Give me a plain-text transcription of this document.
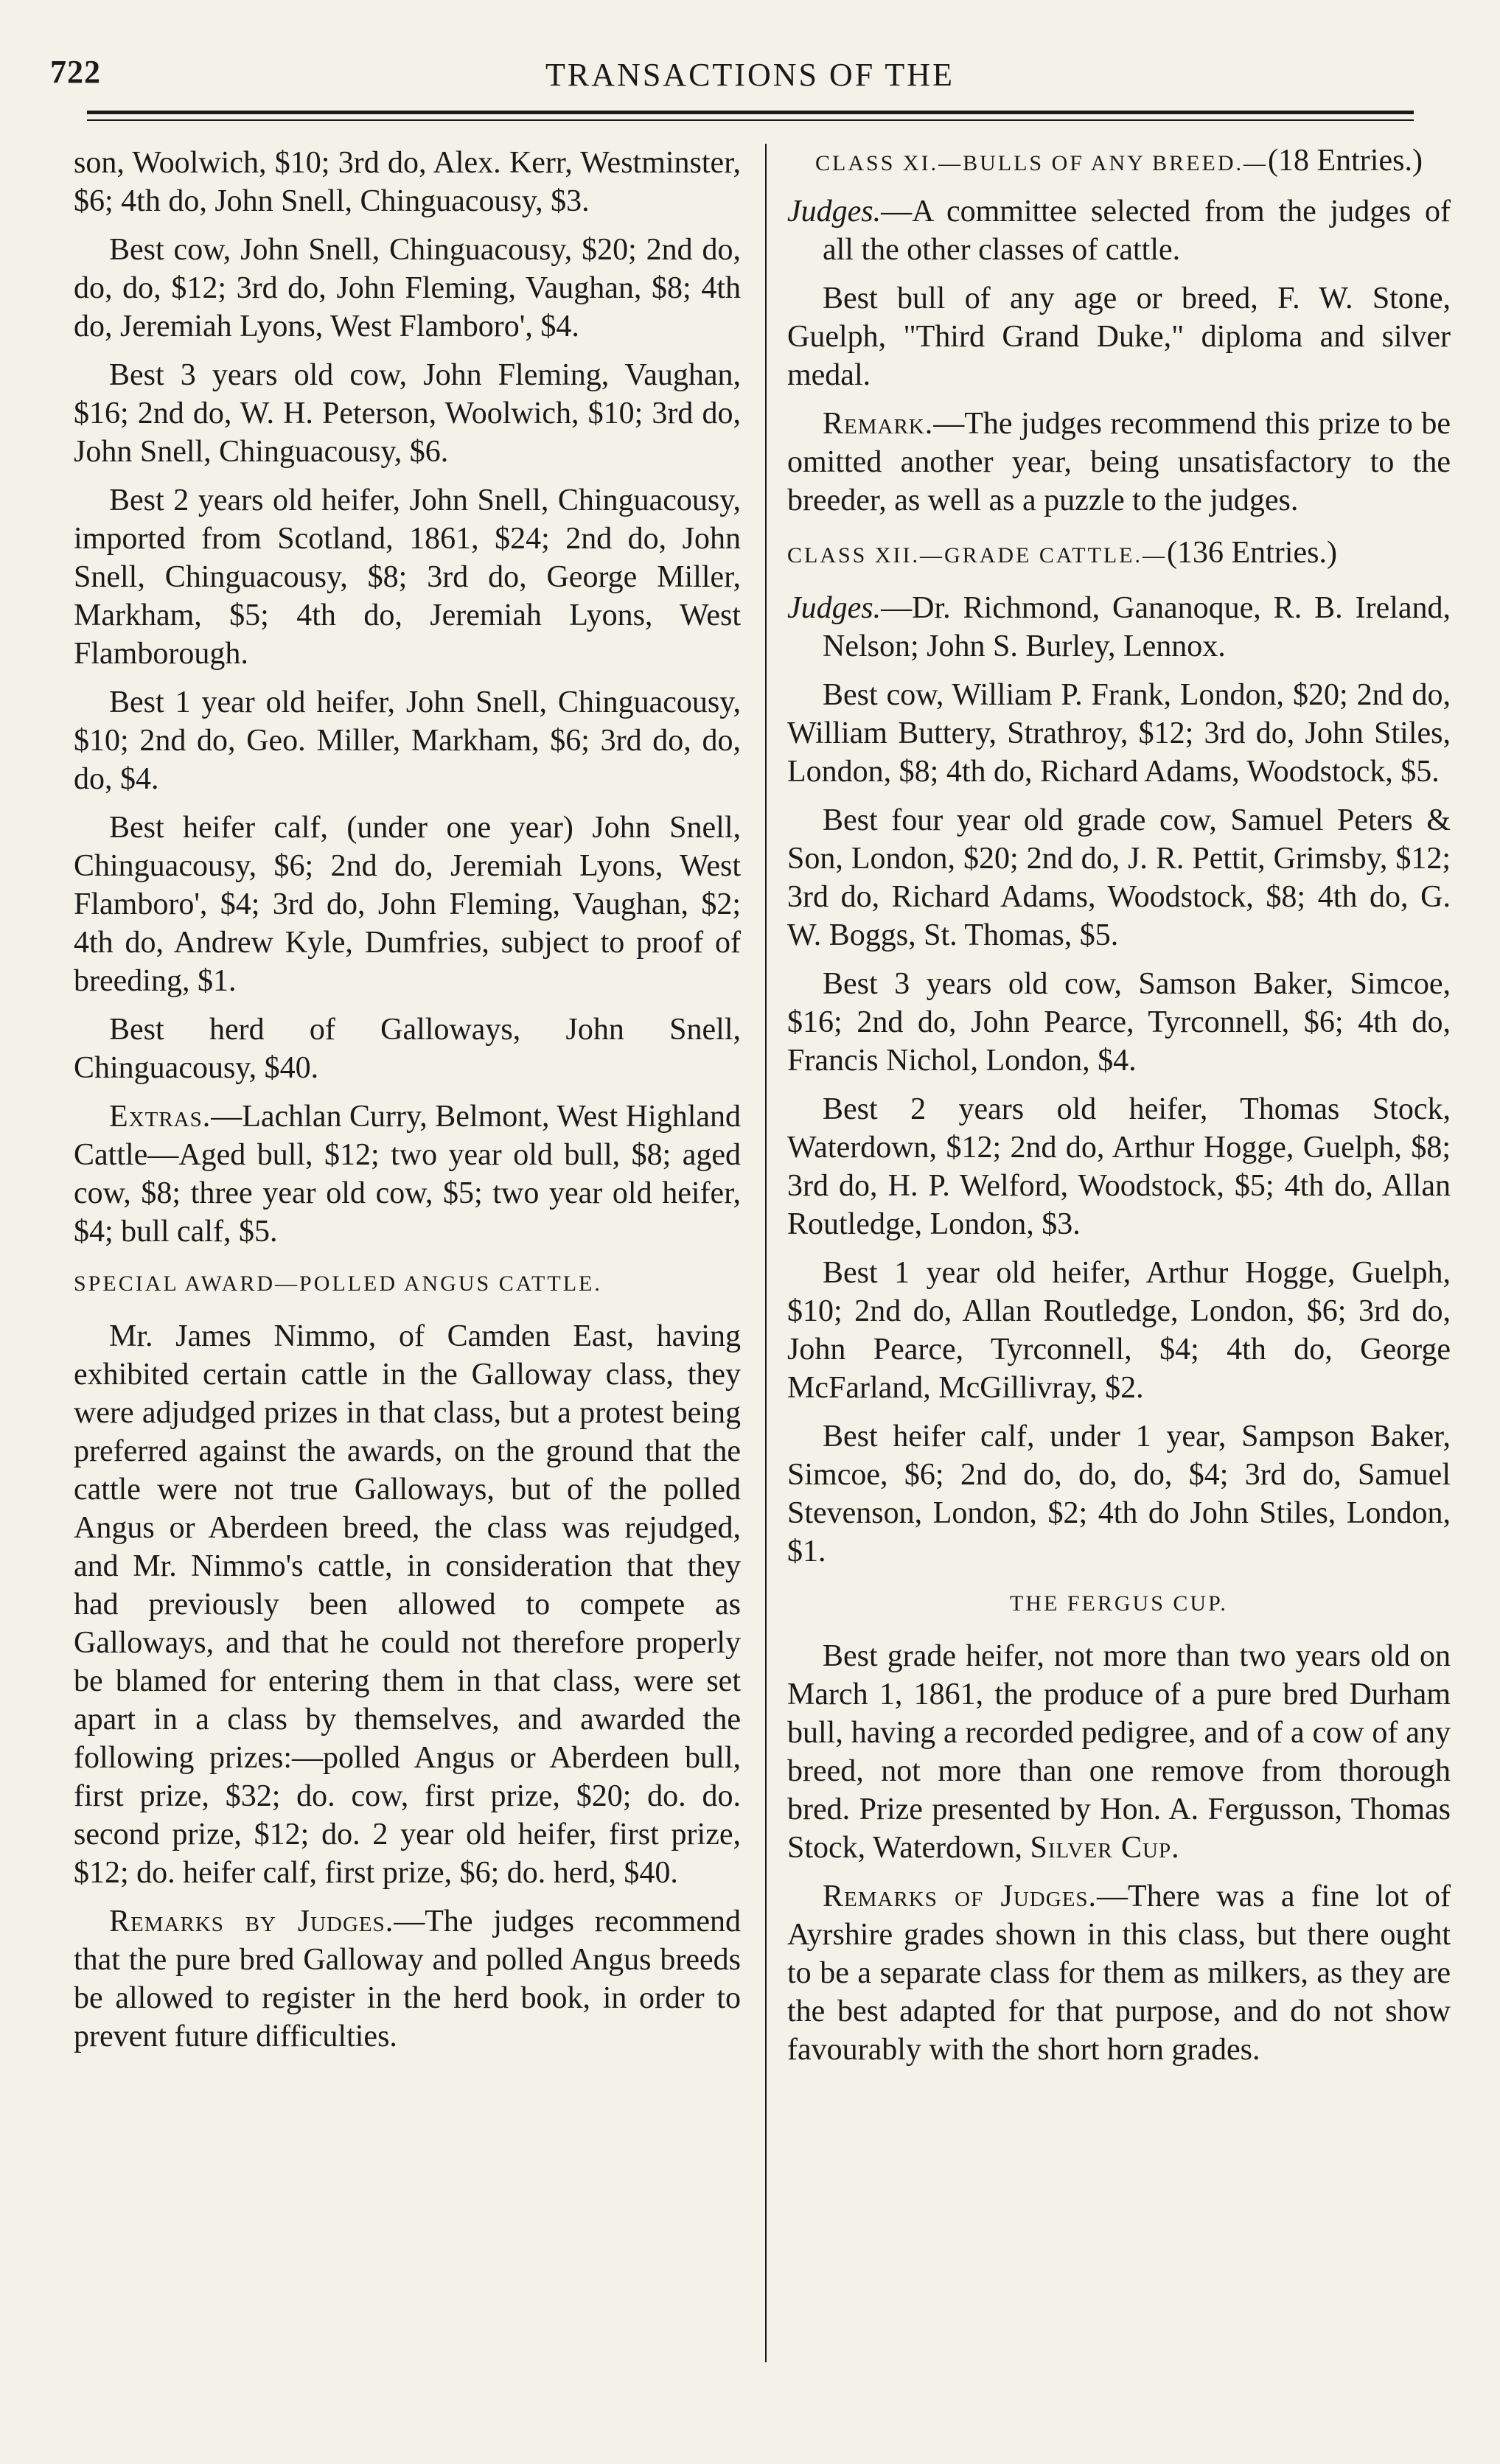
722	TRANSACTIONS OF THE

son, Woolwich, $10; 3rd do, Alex. Kerr, Westminster, $6; 4th do, John Snell, Chinguacousy, $3.

Best cow, John Snell, Chinguacousy, $20; 2nd do, do, do, $12; 3rd do, John Fleming, Vaughan, $8; 4th do, Jeremiah Lyons, West Flamboro', $4.

Best 3 years old cow, John Fleming, Vaughan, $16; 2nd do, W. H. Peterson, Woolwich, $10; 3rd do, John Snell, Chinguacousy, $6.

Best 2 years old heifer, John Snell, Chinguacousy, imported from Scotland, 1861, $24; 2nd do, John Snell, Chinguacousy, $8; 3rd do, George Miller, Markham, $5; 4th do, Jeremiah Lyons, West Flamborough.

Best 1 year old heifer, John Snell, Chinguacousy, $10; 2nd do, Geo. Miller, Markham, $6; 3rd do, do, do, $4.

Best heifer calf, (under one year) John Snell, Chinguacousy, $6; 2nd do, Jeremiah Lyons, West Flamboro', $4; 3rd do, John Fleming, Vaughan, $2; 4th do, Andrew Kyle, Dumfries, subject to proof of breeding, $1.

Best herd of Galloways, John Snell, Chinguacousy, $40.

Extras.—Lachlan Curry, Belmont, West Highland Cattle—Aged bull, $12; two year old bull, $8; aged cow, $8; three year old cow, $5; two year old heifer, $4; bull calf, $5.

SPECIAL AWARD—POLLED ANGUS CATTLE.

Mr. James Nimmo, of Camden East, having exhibited certain cattle in the Galloway class, they were adjudged prizes in that class, but a protest being preferred against the awards, on the ground that the cattle were not true Galloways, but of the polled Angus or Aberdeen breed, the class was rejudged, and Mr. Nimmo's cattle, in consideration that they had previously been allowed to compete as Galloways, and that he could not therefore properly be blamed for entering them in that class, were set apart in a class by themselves, and awarded the following prizes:—polled Angus or Aberdeen bull, first prize, $32; do. cow, first prize, $20; do. do. second prize, $12; do. 2 year old heifer, first prize, $12; do. heifer calf, first prize, $6; do. herd, $40.

Remarks by Judges.—The judges recommend that the pure bred Galloway and polled Angus breeds be allowed to register in the herd book, in order to prevent future difficulties.

CLASS XI.—BULLS OF ANY BREED.—(18 Entries.)

Judges.—A committee selected from the judges of all the other classes of cattle.

Best bull of any age or breed, F. W. Stone, Guelph, "Third Grand Duke," diploma and silver medal.

Remark.—The judges recommend this prize to be omitted another year, being unsatisfactory to the breeder, as well as a puzzle to the judges.

CLASS XII.—GRADE CATTLE.—(136 Entries.)

Judges.—Dr. Richmond, Gananoque, R. B. Ireland, Nelson; John S. Burley, Lennox.

Best cow, William P. Frank, London, $20; 2nd do, William Buttery, Strathroy, $12; 3rd do, John Stiles, London, $8; 4th do, Richard Adams, Woodstock, $5.

Best four year old grade cow, Samuel Peters & Son, London, $20; 2nd do, J. R. Pettit, Grimsby, $12; 3rd do, Richard Adams, Woodstock, $8; 4th do, G. W. Boggs, St. Thomas, $5.

Best 3 years old cow, Samson Baker, Simcoe, $16; 2nd do, John Pearce, Tyrconnell, $6; 4th do, Francis Nichol, London, $4.

Best 2 years old heifer, Thomas Stock, Waterdown, $12; 2nd do, Arthur Hogge, Guelph, $8; 3rd do, H. P. Welford, Woodstock, $5; 4th do, Allan Routledge, London, $3.

Best 1 year old heifer, Arthur Hogge, Guelph, $10; 2nd do, Allan Routledge, London, $6; 3rd do, John Pearce, Tyrconnell, $4; 4th do, George McFarland, McGillivray, $2.

Best heifer calf, under 1 year, Sampson Baker, Simcoe, $6; 2nd do, do, do, $4; 3rd do, Samuel Stevenson, London, $2; 4th do John Stiles, London, $1.

THE FERGUS CUP.

Best grade heifer, not more than two years old on March 1, 1861, the produce of a pure bred Durham bull, having a recorded pedigree, and of a cow of any breed, not more than one remove from thorough bred. Prize presented by Hon. A. Fergusson, Thomas Stock, Waterdown, Silver Cup.

Remarks of Judges.—There was a fine lot of Ayrshire grades shown in this class, but there ought to be a separate class for them as milkers, as they are the best adapted for that purpose, and do not show favourably with the short horn grades.
